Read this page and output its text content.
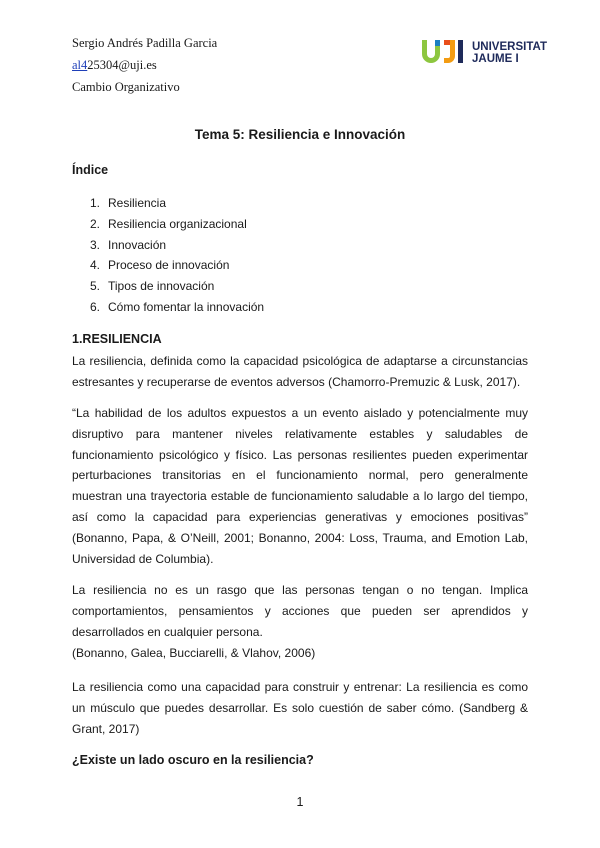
Sergio Andrés Padilla Garcia
al425304@uji.es
Cambio Organizativo
UNIVERSITAT
JAUME I
Tema 5: Resiliencia e Innovación
Índice
1. Resiliencia
2. Resiliencia organizacional
3. Innovación
4. Proceso de innovación
5. Tipos de innovación
6. Cómo fomentar la innovación
1.RESILIENCIA

La resiliencia, definida como la capacidad psicológica de adaptarse a circunstancias estresantes y recuperarse de eventos adversos (Chamorro-Premuzic & Lusk, 2017).

“La habilidad de los adultos expuestos a un evento aislado y potencialmente muy disruptivo para mantener niveles relativamente estables y saludables de funcionamiento psicológico y físico. Las personas resilientes pueden experimentar perturbaciones transitorias en el funcionamiento normal, pero generalmente muestran una trayectoria estable de funcionamiento saludable a lo largo del tiempo, así como la capacidad para experiencias generativas y emociones positivas” (Bonanno, Papa, & O’Neill, 2001; Bonanno, 2004: Loss, Trauma, and Emotion Lab, Universidad de Columbia).

La resiliencia no es un rasgo que las personas tengan o no tengan. Implica comportamientos, pensamientos y acciones que pueden ser aprendidos y desarrollados en cualquier persona.

(Bonanno, Galea, Bucciarelli, & Vlahov, 2006)

La resiliencia como una capacidad para construir y entrenar: La resiliencia es como un músculo que puedes desarrollar. Es solo cuestión de saber cómo. (Sandberg & Grant, 2017)

¿Existe un lado oscuro en la resiliencia?
1
